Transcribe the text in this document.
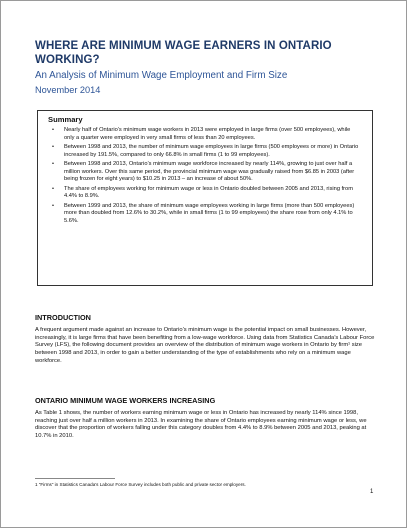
WHERE ARE MINIMUM WAGE EARNERS IN ONTARIO
WORKING?
An Analysis of Minimum Wage Employment and Firm Size
November 2014
Summary
• Nearly half of Ontario’s minimum wage workers in 2013 were employed in large firms (over 500 employees), while only a quarter were employed in very small firms of less than 20 employees.
• Between 1998 and 2013, the number of minimum wage employees in large firms (500 employees or more) in Ontario increased by 191.5%, compared to only 66.8% in small firms (1 to 99 employees).
• Between 1998 and 2013, Ontario’s minimum wage workforce increased by nearly 114%, growing to just over half a million workers. Over this same period, the provincial minimum wage was gradually raised from $6.85 in 2003 (after being frozen for eight years) to $10.25 in 2013 – an increase of about 50%.
• The share of employees working for minimum wage or less in Ontario doubled between 2005 and 2013, rising from 4.4% to 8.9%.
• Between 1999 and 2013, the share of minimum wage employees working in large firms (more than 500 employees) more than doubled from 12.6% to 30.2%, while in small firms (1 to 99 employees) the share rose from only 4.1% to 5.6%.
INTRODUCTION
A frequent argument made against an increase to Ontario’s minimum wage is the potential impact on small businesses. However, increasingly, it is large firms that have been benefiting from a low-wage workforce. Using data from Statistics Canada’s Labour Force Survey (LFS), the following document provides an overview of the distribution of minimum wage workers in Ontario by firm¹ size between 1998 and 2013, in order to gain a better understanding of the type of establishments who rely on a minimum wage workforce.
ONTARIO MINIMUM WAGE WORKERS INCREASING
As Table 1 shows, the number of workers earning minimum wage or less in Ontario has increased by nearly 114% since 1998, reaching just over half a million workers in 2013. In examining the share of Ontario employees earning minimum wage or less, we discover that the proportion of workers falling under this category doubles from 4.4% to 8.9% between 2005 and 2013, peaking at 10.7% in 2010.
1 “Firms” in Statistics Canada’s Labour Force Survey includes both public and private sector employers.
1
